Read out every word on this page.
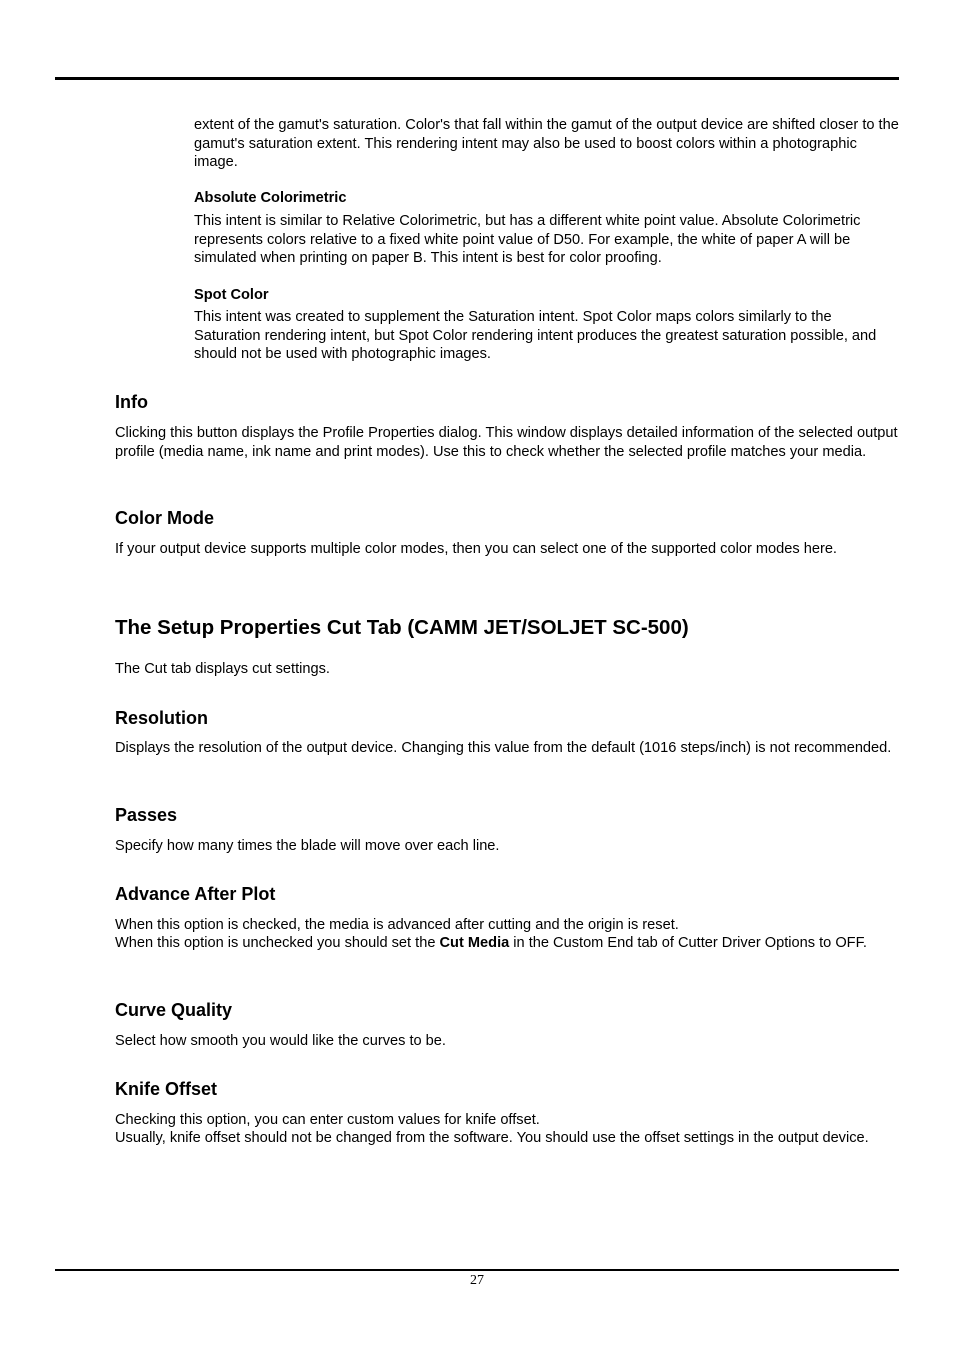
extent of the gamut's saturation. Color's that fall within the gamut of the output device are shifted closer to the gamut's saturation extent. This rendering intent may also be used to boost colors within a photographic image.

Absolute Colorimetric

This intent is similar to Relative Colorimetric, but has a different white point value. Absolute Colorimetric represents colors relative to a fixed white point value of D50. For example, the white of paper A will be simulated when printing on paper B. This intent is best for color proofing.

Spot Color

This intent was created to supplement the Saturation intent. Spot Color maps colors similarly to the Saturation rendering intent, but Spot Color rendering intent produces the greatest saturation possible, and should not be used with photographic images.

Info

Clicking this button displays the Profile Properties dialog. This window displays detailed information of the selected output profile (media name, ink name and print modes). Use this to check whether the selected profile matches your media.

Color Mode

If your output device supports multiple color modes, then you can select one of the supported color modes here.

The Setup Properties Cut Tab (CAMM JET/SOLJET SC-500)

The Cut tab displays cut settings.

Resolution

Displays the resolution of the output device. Changing this value from the default (1016 steps/inch) is not recommended.

Passes

Specify how many times the blade will move over each line.

Advance After Plot

When this option is checked, the media is advanced after cutting and the origin is reset.

When this option is unchecked you should set the Cut Media in the Custom End tab of Cutter Driver Options to OFF.

Curve Quality

Select how smooth you would like the curves to be.

Knife Offset

Checking this option, you can enter custom values for knife offset.

Usually, knife offset should not be changed from the software. You should use the offset settings in the output device.

27
